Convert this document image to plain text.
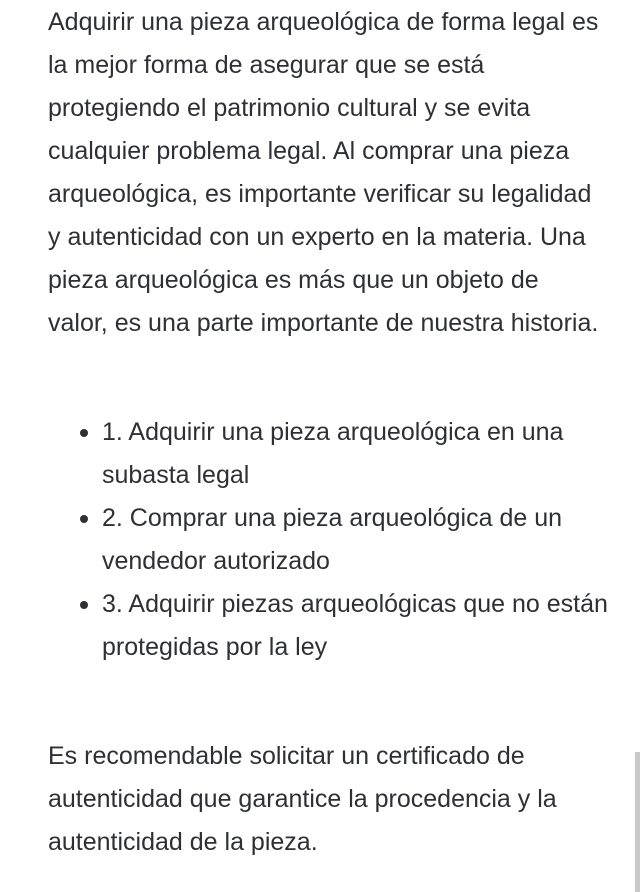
Adquirir una pieza arqueológica de forma legal es la mejor forma de asegurar que se está protegiendo el patrimonio cultural y se evita cualquier problema legal. Al comprar una pieza arqueológica, es importante verificar su legalidad y autenticidad con un experto en la materia. Una pieza arqueológica es más que un objeto de valor, es una parte importante de nuestra historia.

1. Adquirir una pieza arqueológica en una subasta legal
2. Comprar una pieza arqueológica de un vendedor autorizado
3. Adquirir piezas arqueológicas que no están protegidas por la ley

Es recomendable solicitar un certificado de autenticidad que garantice la procedencia y la autenticidad de la pieza.
